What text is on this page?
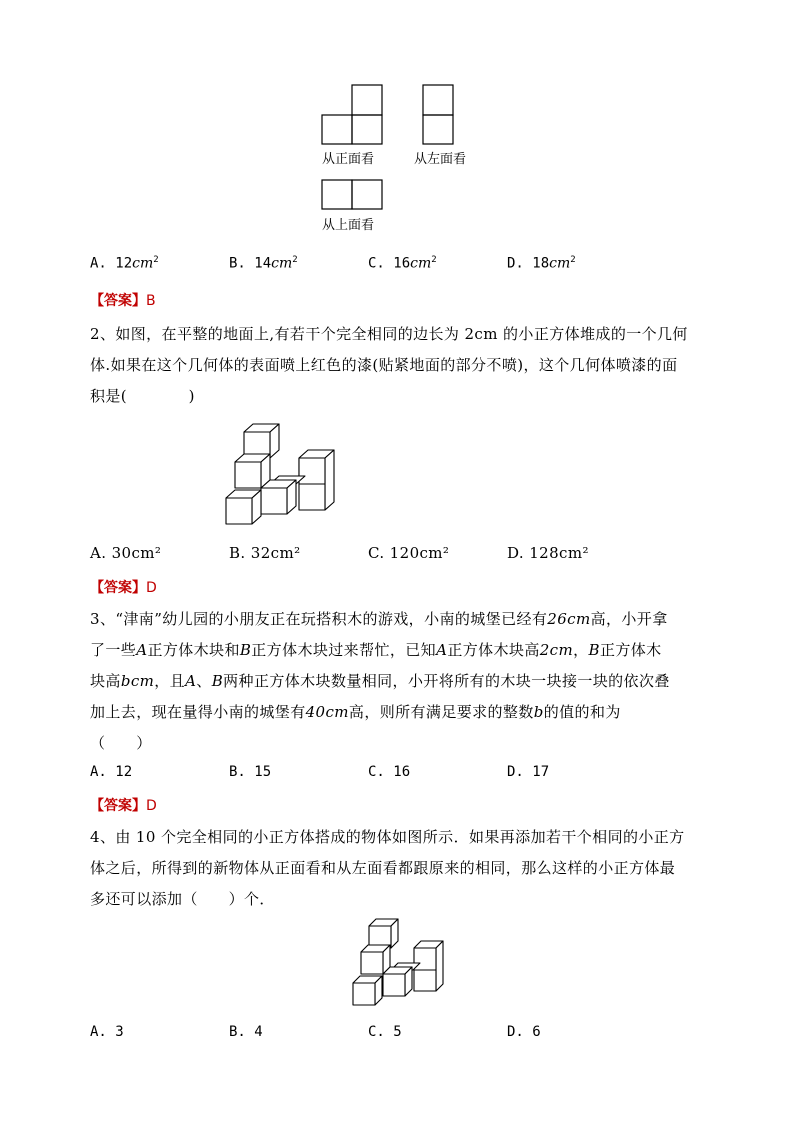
从正面看	从左面看
从上面看
A. $12cm^2$	B. $14cm^2$	C. $16cm^2$	D. $18cm^2$
【答案】B
2、如图，在平整的地面上,有若干个完全相同的边长为 2cm 的小正方体堆成的一个几何
体.如果在这个几何体的表面喷上红色的漆(贴紧地面的部分不喷)，这个几何体喷漆的面
积是(　　　　)
A. 30cm²	B. 32cm²	C. 120cm²	D. 128cm²
【答案】D
3、“津南”幼儿园的小朋友正在玩搭积木的游戏，小南的城堡已经有26cm高，小开拿
了一些A正方体木块和B正方体木块过来帮忙，已知A正方体木块高2cm，B正方体木
块高bcm，且A、B两种正方体木块数量相同，小开将所有的木块一块接一块的依次叠
加上去，现在量得小南的城堡有40cm高，则所有满足要求的整数b的值的和为
（　　）
A. 12	B. 15	C. 16	D. 17
【答案】D
4、由 10 个完全相同的小正方体搭成的物体如图所示．如果再添加若干个相同的小正方
体之后，所得到的新物体从正面看和从左面看都跟原来的相同，那么这样的小正方体最
多还可以添加（　　）个．
A. 3	B. 4	C. 5	D. 6
